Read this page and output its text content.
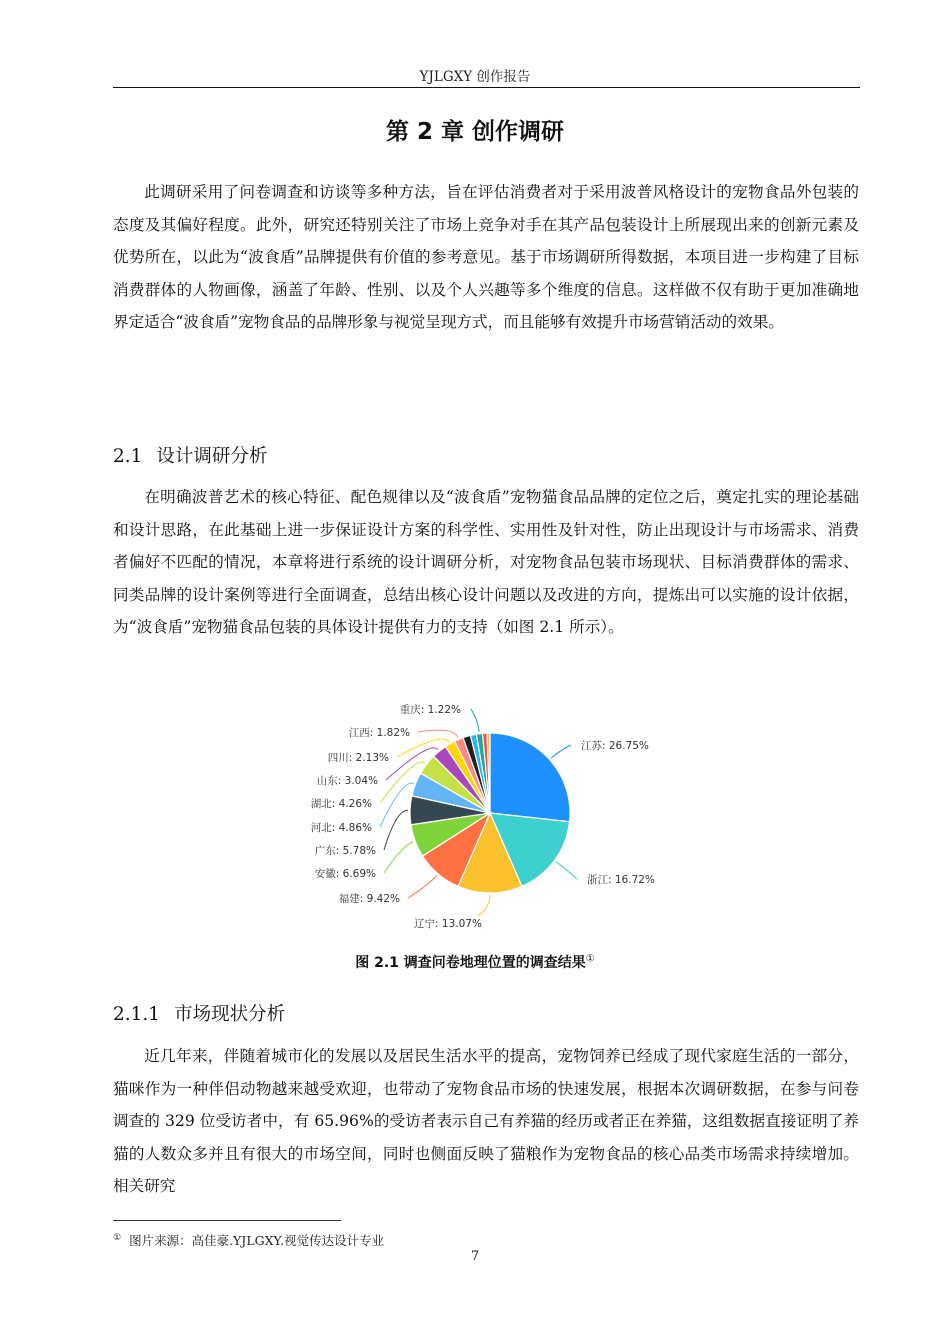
YJLGXY 创作报告
第 2 章 创作调研

此调研采用了问卷调查和访谈等多种方法，旨在评估消费者对于采用波普风格设计的宠物食品外包装的态度及其偏好程度。此外，研究还特别关注了市场上竞争对手在其产品包装设计上所展现出来的创新元素及优势所在，以此为“波食盾”品牌提供有价值的参考意见。基于市场调研所得数据，本项目进一步构建了目标消费群体的人物画像，涵盖了年龄、性别、以及个人兴趣等多个维度的信息。这样做不仅有助于更加准确地界定适合“波食盾”宠物食品的品牌形象与视觉呈现方式，而且能够有效提升市场营销活动的效果。

2.1 设计调研分析

在明确波普艺术的核心特征、配色规律以及“波食盾”宠物猫食品品牌的定位之后，奠定扎实的理论基础和设计思路，在此基础上进一步保证设计方案的科学性、实用性及针对性，防止出现设计与市场需求、消费者偏好不匹配的情况，本章将进行系统的设计调研分析，对宠物食品包装市场现状、目标消费群体的需求、同类品牌的设计案例等进行全面调查，总结出核心设计问题以及改进的方向，提炼出可以实施的设计依据，为“波食盾”宠物猫食品包装的具体设计提供有力的支持（如图 2.1 所示）。

江苏: 26.75%
浙江: 16.72%
辽宁: 13.07%
福建: 9.42%
安徽: 6.69%
广东: 5.78%
河北: 4.86%
湖北: 4.26%
山东: 3.04%
四川: 2.13%
江西: 1.82%
重庆: 1.22%
图 2.1 调查问卷地理位置的调查结果①
2.1.1 市场现状分析

近几年来，伴随着城市化的发展以及居民生活水平的提高，宠物饲养已经成了现代家庭生活的一部分，猫咪作为一种伴侣动物越来越受欢迎，也带动了宠物食品市场的快速发展，根据本次调研数据，在参与问卷调查的 329 位受访者中，有 65.96%的受访者表示自己有养猫的经历或者正在养猫，这组数据直接证明了养猫的人数众多并且有很大的市场空间，同时也侧面反映了猫粮作为宠物食品的核心品类市场需求持续增加。相关研究

① 图片来源：高佳豪.YJLGXY.视觉传达设计专业
7
